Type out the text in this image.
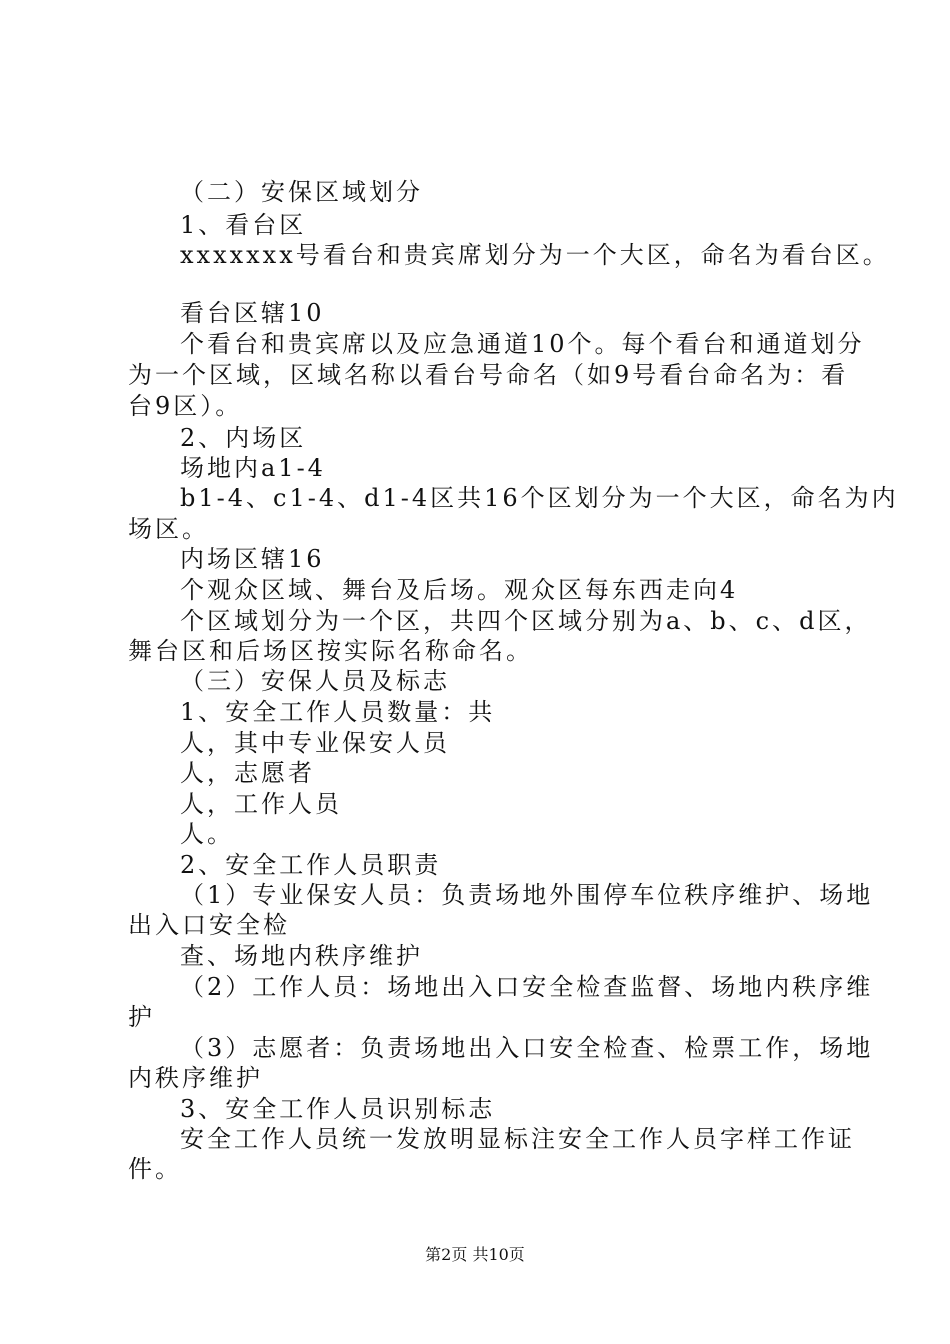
（二）安保区域划分
1、看台区
xxxxxxx号看台和贵宾席划分为一个大区，命名为看台区。
看台区辖10
个看台和贵宾席以及应急通道10个。每个看台和通道划分
为一个区域，区域名称以看台号命名（如9号看台命名为：看
台9区）。
2、内场区
场地内a1-4
b1-4、c1-4、d1-4区共16个区划分为一个大区，命名为内
场区。
内场区辖16
个观众区域、舞台及后场。观众区每东西走向4
个区域划分为一个区，共四个区域分别为a、b、c、d区，
舞台区和后场区按实际名称命名。
（三）安保人员及标志
1、安全工作人员数量：共
人，其中专业保安人员
人，志愿者
人，工作人员
人。
2、安全工作人员职责
（1）专业保安人员：负责场地外围停车位秩序维护、场地
出入口安全检
查、场地内秩序维护
（2）工作人员：场地出入口安全检查监督、场地内秩序维
护
（3）志愿者：负责场地出入口安全检查、检票工作，场地
内秩序维护
3、安全工作人员识别标志
安全工作人员统一发放明显标注安全工作人员字样工作证
件。
第2页 共10页
